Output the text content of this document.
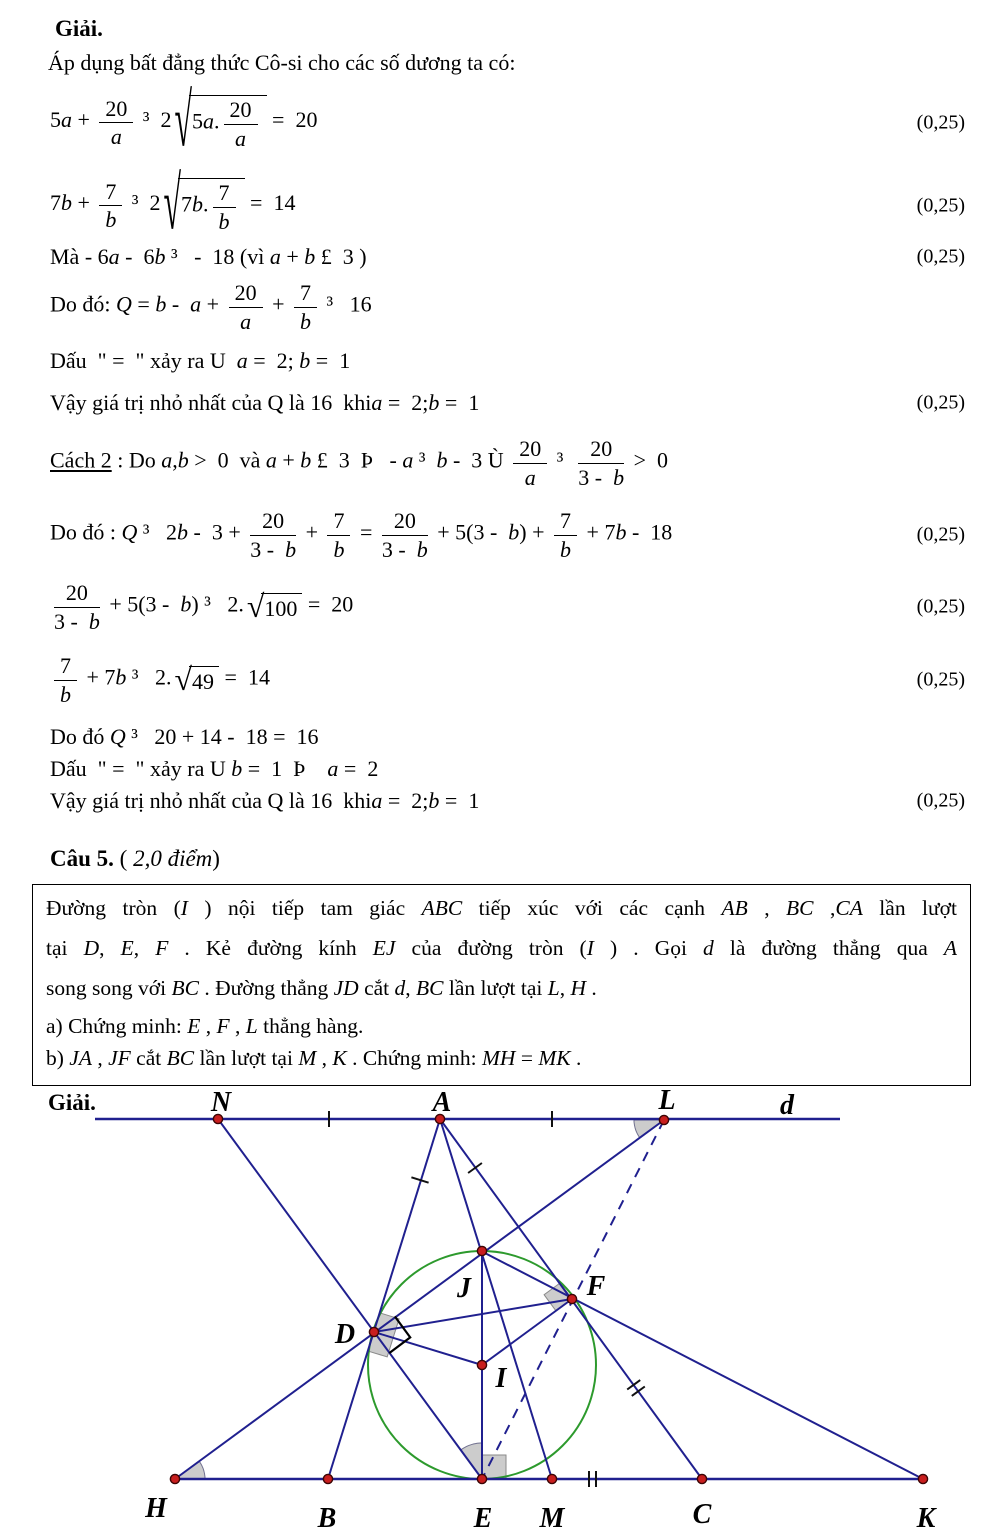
Giải.
Áp dụng bất đẳng thức Cô-si cho các số dương ta có:
$5a + \frac{20}{a} ^3$  2 √ 5a. $\frac{20}{a} = 20$	(0,25)
$7b + \frac{7}{b} ^3$  2 √ 7b. $\frac{7}{b} = 14$	(0,25)
Mà - 6a -  6b ³   -  18 (vì a + b £  3 )	(0,25)
Do đó: $Q = b - a + \frac{20}{a} + \frac{7}{b} ^3$   16
Dấu  " =  " xảy ra U  a =  2; b =  1
Vậy giá trị nhỏ nhất của Q là 16  khia =  2;b =  1	(0,25)
Cách 2 : Do a,b >  0  và a + b £  3  Þ   - a ³  b -  3 Ù $\frac{20}{a} ^3 \frac{20}{3 - b} > 0$
Do đó : Q ³   $2b - 3 + \frac{20}{3 - b} + \frac{7}{b} = \frac{20}{3 - b} + 5(3 - b) + \frac{7}{b} + 7b - 18$	(0,25)
$\frac{20}{3 - b} + 5(3 - b)$ ³   2. √ 100 =  20	(0,25)
$\frac{7}{b} + 7b$ ³   2. √ 49 =  14	(0,25)
Do đó Q ³   20 + 14 -  18 =  16
Dấu  " =  " xảy ra U b =  1  Þ    a =  2
Vậy giá trị nhỏ nhất của Q là 16  khia =  2;b =  1	(0,25)
Câu 5. ( 2,0 điểm)
Đường tròn (I ) nội tiếp tam giác ABC tiếp xúc với các cạnh AB , BC ,CA lần lượt
tại D, E, F . Kẻ đường kính EJ của đường tròn (I ) . Gọi d là đường thẳng qua A
song song với BC . Đường thẳng JD cắt d, BC lần lượt tại L, H .
a) Chứng minh: E , F , L thẳng hàng.
b) JA , JF cắt BC lần lượt tại M , K . Chứng minh: MH = MK .
N	A	L	d
H	B	E M	C	K
D
J	F
I
Giải.
